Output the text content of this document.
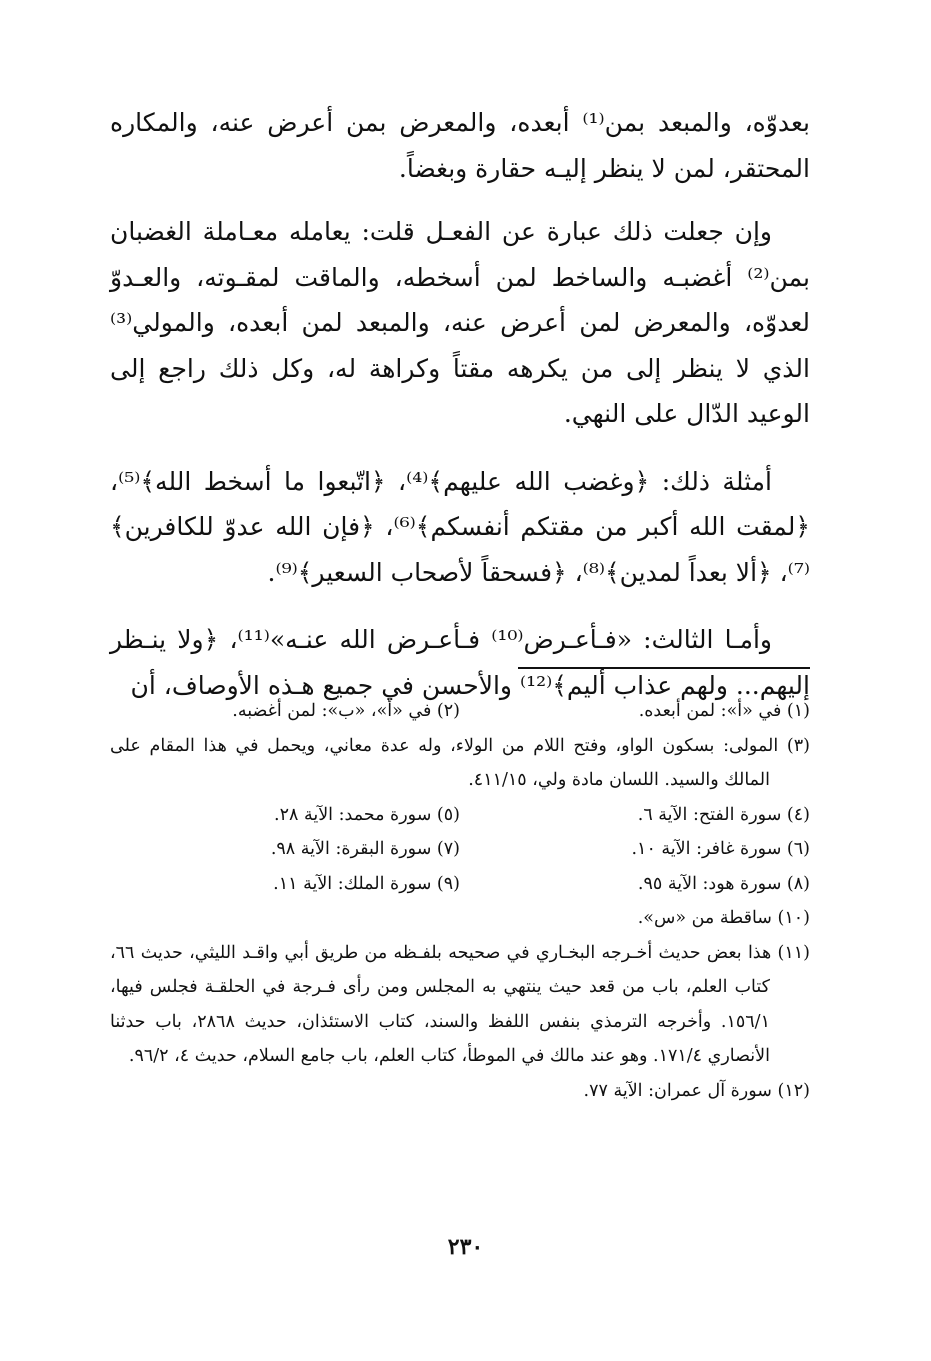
بعدوّه، والمبعد بمن⁽¹⁾ أبعده، والمعرض بمن أعرض عنه، والمكاره المحتقر، لمن لا ينظر إليـه حقارة وبغضاً.

وإن جعلت ذلك عبارة عن الفعـل قلت: يعامله معـاملة الغضبان بمن⁽²⁾ أغضبـه والساخط لمن أسخطه، والماقت لمقـوته، والعـدوّ لعدوّه، والمعرض لمن أعرض عنه، والمبعد لمن أبعده، والمولي⁽³⁾ الذي لا ينظر إلى من يكرهه مقتاً وكراهة له، وكل ذلك راجع إلى الوعيد الدّال على النهي.

أمثلة ذلك: ﴿وغضب الله عليهم﴾⁽⁴⁾، ﴿اتّبعوا ما أسخط الله﴾⁽⁵⁾، ﴿لمقت الله أكبر من مقتكم أنفسكم﴾⁽⁶⁾، ﴿فإن الله عدوّ للكافرين﴾⁽⁷⁾، ﴿ألا بعداً لمدين﴾⁽⁸⁾، ﴿فسحقاً لأصحاب السعير﴾⁽⁹⁾.

وأمـا الثالث: «فـأعـرض⁽¹⁰⁾ فـأعـرض الله عنـه»⁽¹¹⁾، ﴿ولا ينـظر إليهم... ولهم عذاب أليم﴾⁽¹²⁾ والأحسن في جميع هـذه الأوصاف، أن

(١) في «أ»: لمن أبعده.
(٢) في «أ»، «ب»: لمن أغضبه.
(٣) المولى: بسكون الواو، وفتح اللام من الولاء، وله عدة معاني، ويحمل في هذا المقام على المالك والسيد. اللسان مادة ولي، ٤١١/١٥.
(٤) سورة الفتح: الآية ٦.
(٥) سورة محمد: الآية ٢٨.
(٦) سورة غافر: الآية ١٠.
(٧) سورة البقرة: الآية ٩٨.
(٨) سورة هود: الآية ٩٥.
(٩) سورة الملك: الآية ١١.
(١٠) ساقطة من «س».
(١١) هذا بعض حديث أخـرجه البخـاري في صحيحه بلفـظه من طريق أبي واقـد الليثي، حديث ٦٦، كتاب العلم، باب من قعد حيث ينتهي به المجلس ومن رأى فـرجة في الحلقـة فجلس فيها، ١٥٦/١. وأخرجه الترمذي بنفس اللفظ والسند، كتاب الاستئذان، حديث ٢٨٦٨، باب حدثنا الأنصاري ١٧١/٤. وهو عند مالك في الموطأ، كتاب العلم، باب جامع السلام، حديث ٤، ٩٦/٢.
(١٢) سورة آل عمران: الآية ٧٧.
٢٣٠
